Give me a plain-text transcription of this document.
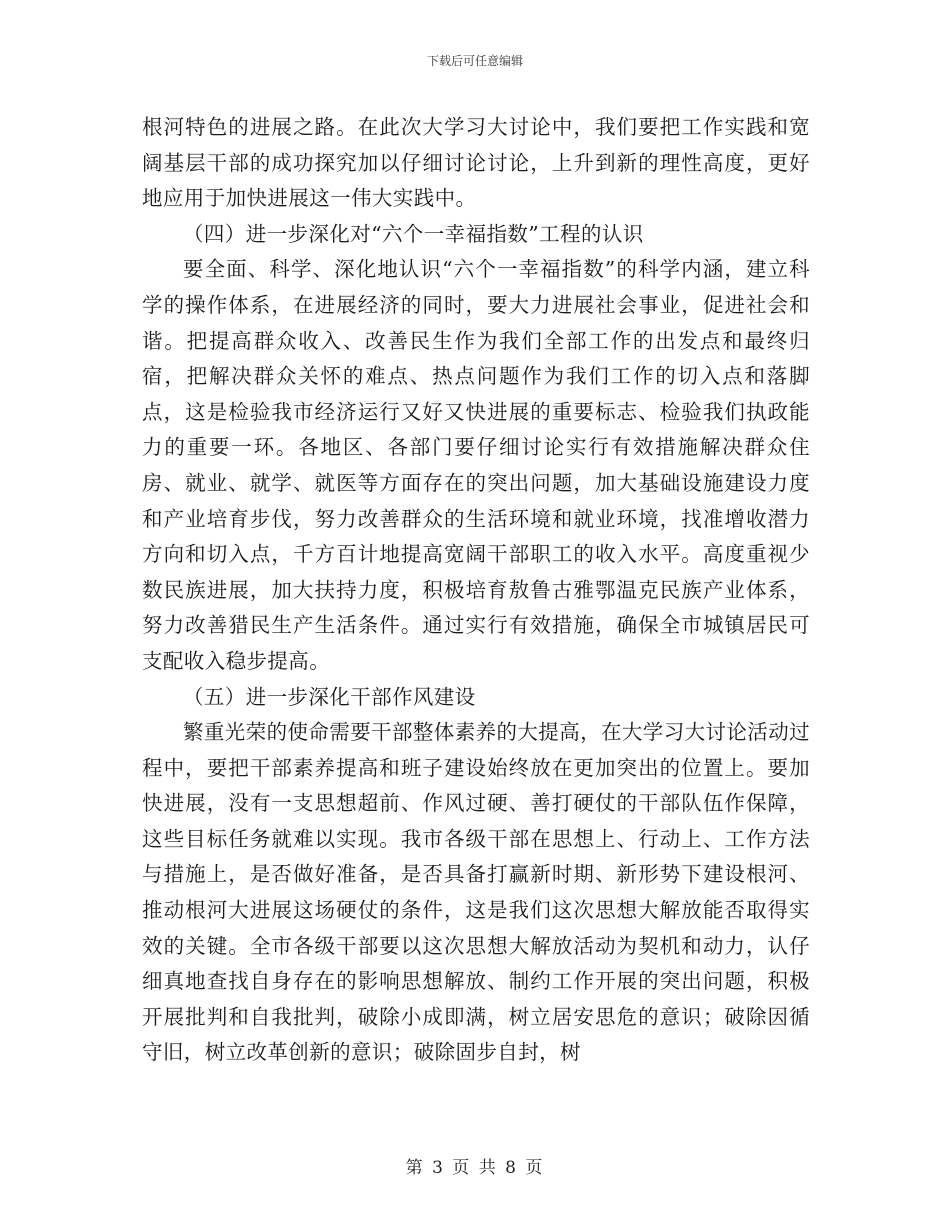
下载后可任意编辑

根河特色的进展之路。在此次大学习大讨论中，我们要把工作实践和宽阔基层干部的成功探究加以仔细讨论讨论，上升到新的理性高度，更好地应用于加快进展这一伟大实践中。

（四）进一步深化对“六个一幸福指数”工程的认识

要全面、科学、深化地认识“六个一幸福指数”的科学内涵，建立科学的操作体系，在进展经济的同时，要大力进展社会事业，促进社会和谐。把提高群众收入、改善民生作为我们全部工作的出发点和最终归宿，把解决群众关怀的难点、热点问题作为我们工作的切入点和落脚点，这是检验我市经济运行又好又快进展的重要标志、检验我们执政能力的重要一环。各地区、各部门要仔细讨论实行有效措施解决群众住房、就业、就学、就医等方面存在的突出问题，加大基础设施建设力度和产业培育步伐，努力改善群众的生活环境和就业环境，找准增收潜力方向和切入点，千方百计地提高宽阔干部职工的收入水平。高度重视少数民族进展，加大扶持力度，积极培育敖鲁古雅鄂温克民族产业体系，努力改善猎民生产生活条件。通过实行有效措施，确保全市城镇居民可支配收入稳步提高。

（五）进一步深化干部作风建设

繁重光荣的使命需要干部整体素养的大提高，在大学习大讨论活动过程中，要把干部素养提高和班子建设始终放在更加突出的位置上。要加快进展，没有一支思想超前、作风过硬、善打硬仗的干部队伍作保障，这些目标任务就难以实现。我市各级干部在思想上、行动上、工作方法与措施上，是否做好准备，是否具备打赢新时期、新形势下建设根河、推动根河大进展这场硬仗的条件，这是我们这次思想大解放能否取得实效的关键。全市各级干部要以这次思想大解放活动为契机和动力，认仔细真地查找自身存在的影响思想解放、制约工作开展的突出问题，积极开展批判和自我批判，破除小成即满，树立居安思危的意识；破除因循守旧，树立改革创新的意识；破除固步自封，树

第 3 页 共 8 页
